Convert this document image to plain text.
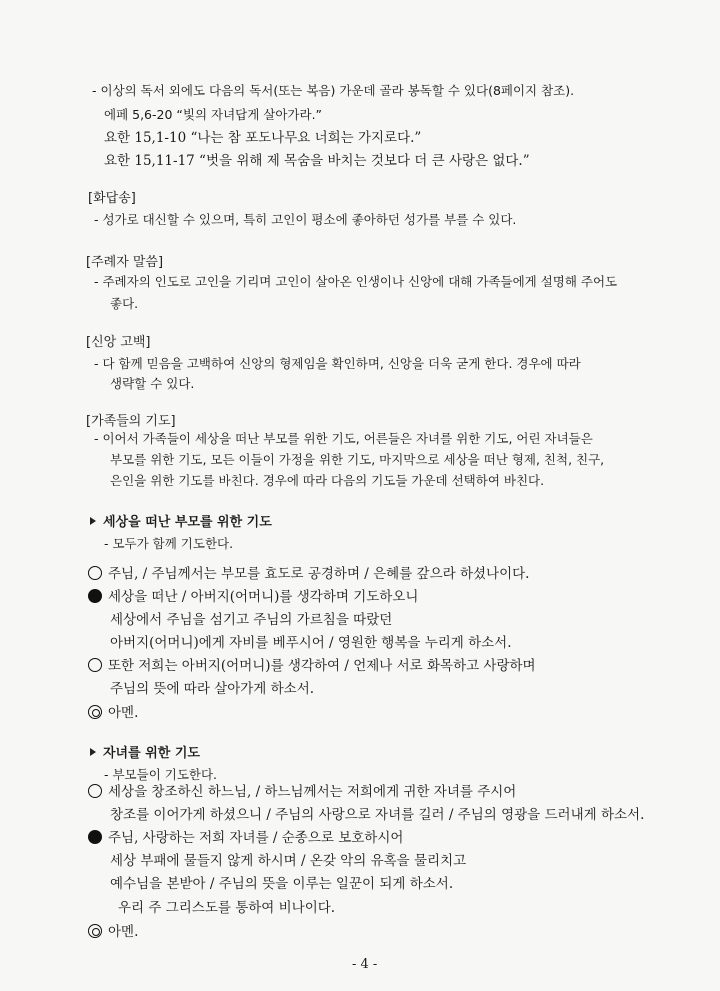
- 이상의 독서 외에도 다음의 독서(또는 복음) 가운데 골라 봉독할 수 있다(8페이지 참조).
에페 5,6-20 “빛의 자녀답게 살아가라.”
요한 15,1-10 “나는 참 포도나무요 너희는 가지로다.”
요한 15,11-17 “벗을 위해 제 목숨을 바치는 것보다 더 큰 사랑은 없다.”
[화답송]
- 성가로 대신할 수 있으며, 특히 고인이 평소에 좋아하던 성가를 부를 수 있다.
[주례자 말씀]
- 주례자의 인도로 고인을 기리며 고인이 살아온 인생이나 신앙에 대해 가족들에게 설명해 주어도
좋다.
[신앙 고백]
- 다 함께 믿음을 고백하여 신앙의 형제임을 확인하며, 신앙을 더욱 굳게 한다. 경우에 따라
생략할 수 있다.
[가족들의 기도]
- 이어서 가족들이 세상을 떠난 부모를 위한 기도, 어른들은 자녀를 위한 기도, 어린 자녀들은
부모를 위한 기도, 모든 이들이 가정을 위한 기도, 마지막으로 세상을 떠난 형제, 친척, 친구,
은인을 위한 기도를 바친다. 경우에 따라 다음의 기도들 가운데 선택하여 바친다.
세상을 떠난 부모를 위한 기도
- 모두가 함께 기도한다.
주님, / 주님께서는 부모를 효도로 공경하며 / 은혜를 갚으라 하셨나이다.
세상을 떠난 / 아버지(어머니)를 생각하며 기도하오니
세상에서 주님을 섬기고 주님의 가르침을 따랐던
아버지(어머니)에게 자비를 베푸시어 / 영원한 행복을 누리게 하소서.
또한 저희는 아버지(어머니)를 생각하여 / 언제나 서로 화목하고 사랑하며
주님의 뜻에 따라 살아가게 하소서.
아멘.
자녀를 위한 기도
- 부모들이 기도한다.
세상을 창조하신 하느님, / 하느님께서는 저희에게 귀한 자녀를 주시어
창조를 이어가게 하셨으니 / 주님의 사랑으로 자녀를 길러 / 주님의 영광을 드러내게 하소서.
주님, 사랑하는 저희 자녀를 / 순종으로 보호하시어
세상 부패에 물들지 않게 하시며 / 온갖 악의 유혹을 물리치고
예수님을 본받아 / 주님의 뜻을 이루는 일꾼이 되게 하소서.
우리 주 그리스도를 통하여 비나이다.
아멘.
- 4 -
